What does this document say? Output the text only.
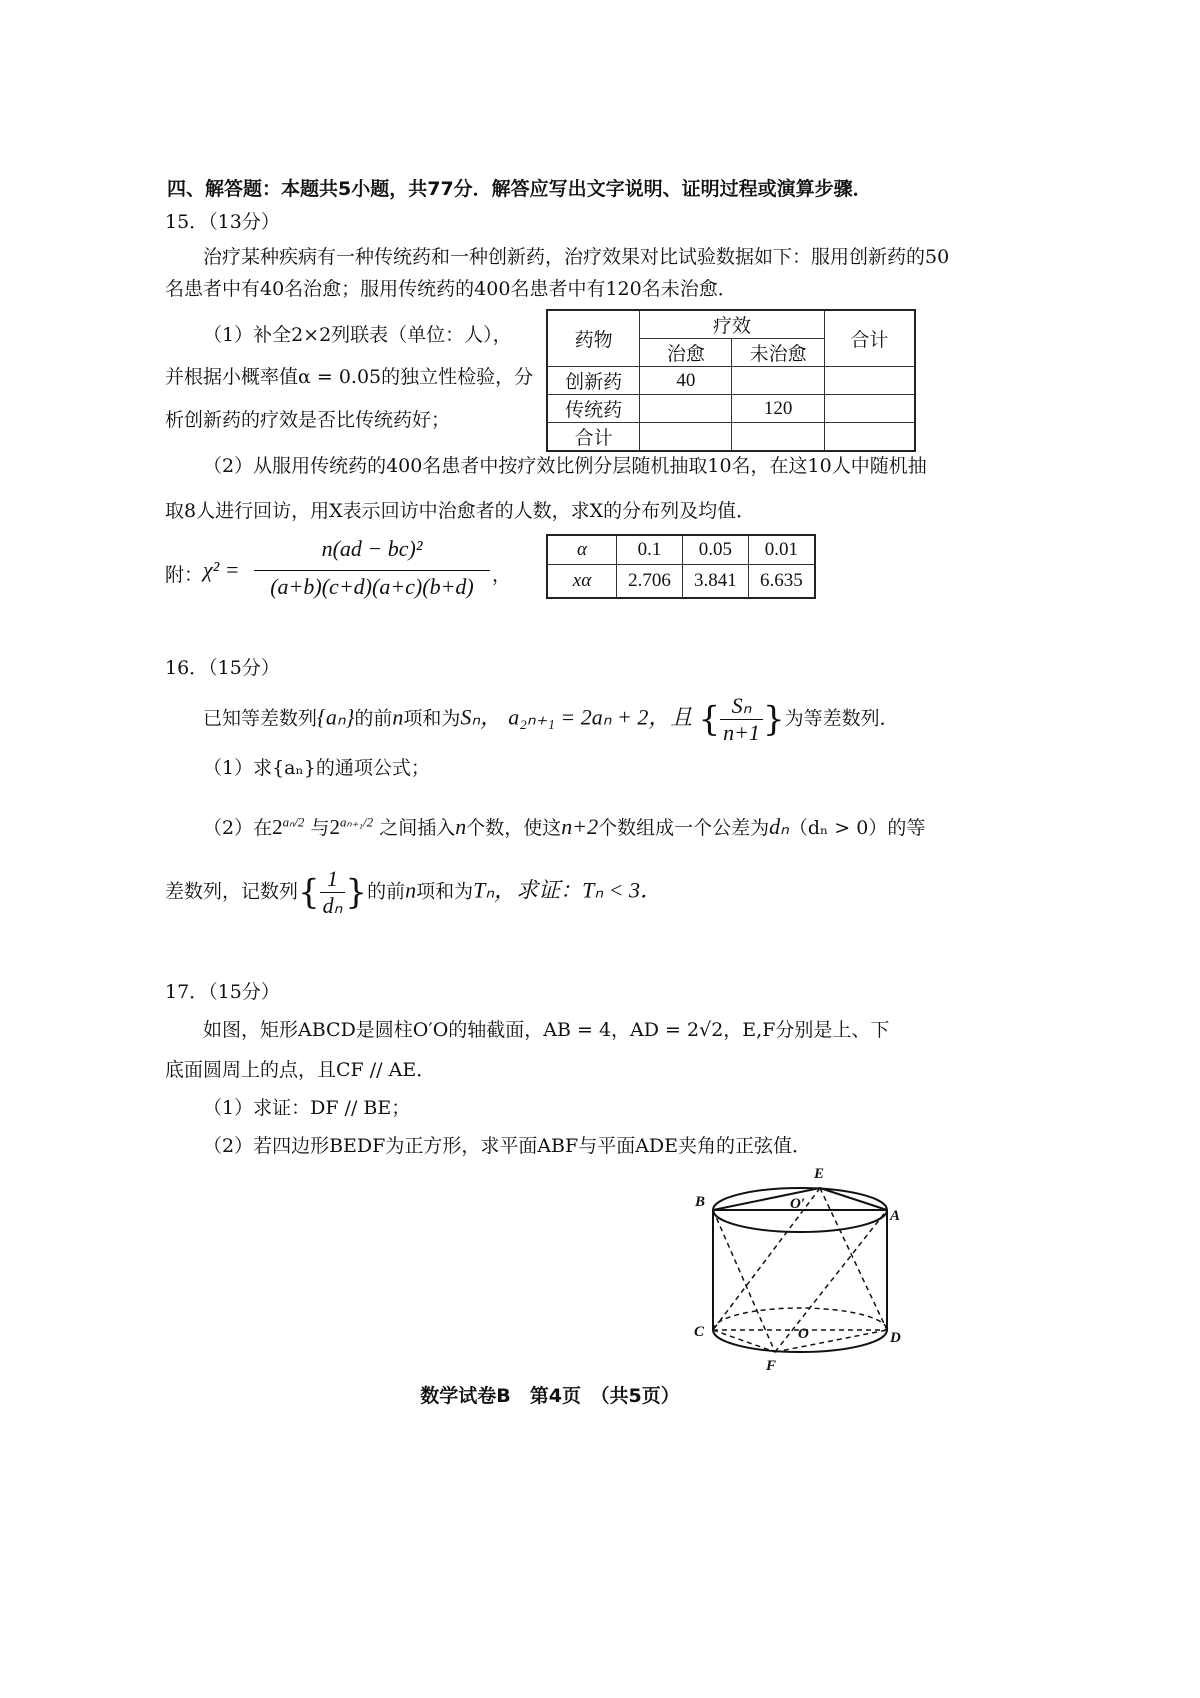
四、解答题：本题共5小题，共77分．解答应写出文字说明、证明过程或演算步骤．
15．（13分）
治疗某种疾病有一种传统药和一种创新药，治疗效果对比试验数据如下：服用创新药的50
名患者中有40名治愈；服用传统药的400名患者中有120名未治愈．
（1）补全2×2列联表（单位：人），
并根据小概率值α = 0.05的独立性检验，分
析创新药的疗效是否比传统药好；
药物	疗效		合计
	治愈	未治愈	
创新药	40		
传统药		120	
合计			
（2）从服用传统药的400名患者中按疗效比例分层随机抽取10名，在这10人中随机抽
取8人进行回访，用X表示回访中治愈者的人数，求X的分布列及均值．
附： χ² =
n(ad − bc)²
(a+b)(c+d)(a+c)(b+d) ，
α	0.1	0.05	0.01
xα	2.706	3.841	6.635
16．（15分）
已知等差数列{aₙ}的前n项和为Sₙ， a₂ₙ₊₁ = 2aₙ + 2，且 { $\frac{\text{Sₙ}}{n+1}$ }为等差数列．
（1）求{aₙ}的通项公式；
（2）在$2^{a_n/2}$ 与$2^{a_{n+1}/2}$ 之间插入n个数，使这n+2个数组成一个公差为dₙ（dₙ > 0）的等
差数列，记数列{ $\frac{1}{\text{dₙ}}$ }的前n项和为Tₙ，求证：Tₙ < 3．
17．（15分）
如图，矩形ABCD是圆柱O′O的轴截面，AB = 4，AD = 2√2，E,F分别是上、下
底面圆周上的点，且CF // AE．
（1）求证：DF // BE；
（2）若四边形BEDF为正方形，求平面ABF与平面ADE夹角的正弦值．
B
E
O′
A
C	O	D
F
数学试卷B　第4页　（共5页）
